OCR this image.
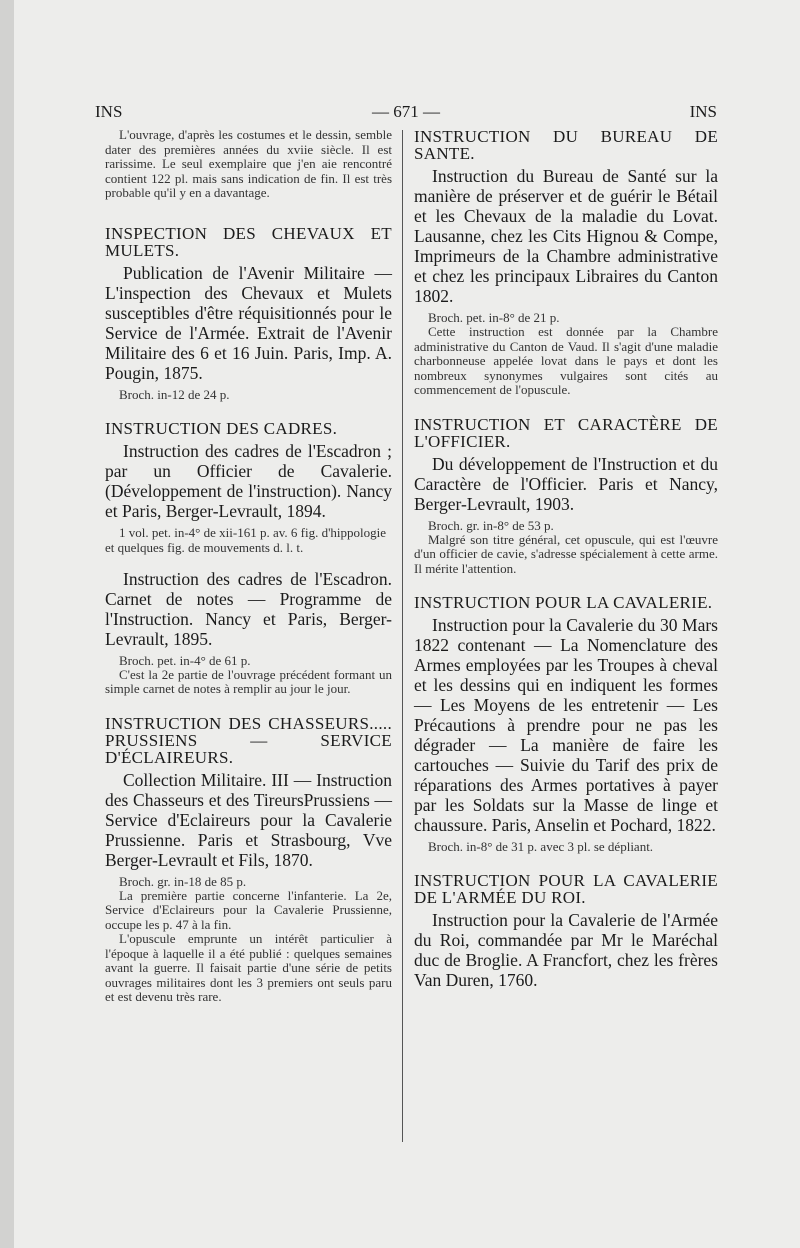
INS	— 671 —	INS

L'ouvrage, d'après les costumes et le dessin, semble dater des premières années du xviie siècle. Il est rarissime. Le seul exemplaire que j'en aie rencontré contient 122 pl. mais sans indication de fin. Il est très probable qu'il y en a davantage.

INSPECTION DES CHEVAUX ET MULETS.

Publication de l'Avenir Militaire — L'inspection des Chevaux et Mulets susceptibles d'être réquisitionnés pour le Service de l'Armée. Extrait de l'Avenir Militaire des 6 et 16 Juin. Paris, Imp. A. Pougin, 1875.

Broch. in-12 de 24 p.

INSTRUCTION DES CADRES.

Instruction des cadres de l'Escadron ; par un Officier de Cavalerie. (Développement de l'instruction). Nancy et Paris, Berger-Levrault, 1894.

1 vol. pet. in-4° de xii-161 p. av. 6 fig. d'hippologie et quelques fig. de mouvements d. l. t.

Instruction des cadres de l'Escadron. Carnet de notes — Programme de l'Instruction. Nancy et Paris, Berger-Levrault, 1895.

Broch. pet. in-4° de 61 p.

C'est la 2e partie de l'ouvrage précédent formant un simple carnet de notes à remplir au jour le jour.

INSTRUCTION DES CHASSEURS..... PRUSSIENS — SERVICE D'ÉCLAIREURS.

Collection Militaire. III — Instruction des Chasseurs et des TireursPrussiens — Service d'Eclaireurs pour la Cavalerie Prussienne. Paris et Strasbourg, Vve Berger-Levrault et Fils, 1870.

Broch. gr. in-18 de 85 p.

La première partie concerne l'infanterie. La 2e, Service d'Eclaireurs pour la Cavalerie Prussienne, occupe les p. 47 à la fin.

L'opuscule emprunte un intérêt particulier à l'époque à laquelle il a été publié : quelques semaines avant la guerre. Il faisait partie d'une série de petits ouvrages militaires dont les 3 premiers ont seuls paru et est devenu très rare.

INSTRUCTION DU BUREAU DE SANTE.

Instruction du Bureau de Santé sur la manière de préserver et de guérir le Bétail et les Chevaux de la maladie du Lovat. Lausanne, chez les Cits Hignou & Compe, Imprimeurs de la Chambre administrative et chez les principaux Libraires du Canton 1802.

Broch. pet. in-8° de 21 p.

Cette instruction est donnée par la Chambre administrative du Canton de Vaud. Il s'agit d'une maladie charbonneuse appelée lovat dans le pays et dont les nombreux synonymes vulgaires sont cités au commencement de l'opuscule.

INSTRUCTION ET CARACTÈRE DE L'OFFICIER.

Du développement de l'Instruction et du Caractère de l'Officier. Paris et Nancy, Berger-Levrault, 1903.

Broch. gr. in-8° de 53 p.

Malgré son titre général, cet opuscule, qui est l'œuvre d'un officier de cavie, s'adresse spécialement à cette arme. Il mérite l'attention.

INSTRUCTION POUR LA CAVALERIE.

Instruction pour la Cavalerie du 30 Mars 1822 contenant — La Nomenclature des Armes employées par les Troupes à cheval et les dessins qui en indiquent les formes — Les Moyens de les entretenir — Les Précautions à prendre pour ne pas les dégrader — La manière de faire les cartouches — Suivie du Tarif des prix de réparations des Armes portatives à payer par les Soldats sur la Masse de linge et chaussure. Paris, Anselin et Pochard, 1822.

Broch. in-8° de 31 p. avec 3 pl. se dépliant.

INSTRUCTION POUR LA CAVALERIE DE L'ARMÉE DU ROI.

Instruction pour la Cavalerie de l'Armée du Roi, commandée par Mr le Maréchal duc de Broglie. A Francfort, chez les frères Van Duren, 1760.
